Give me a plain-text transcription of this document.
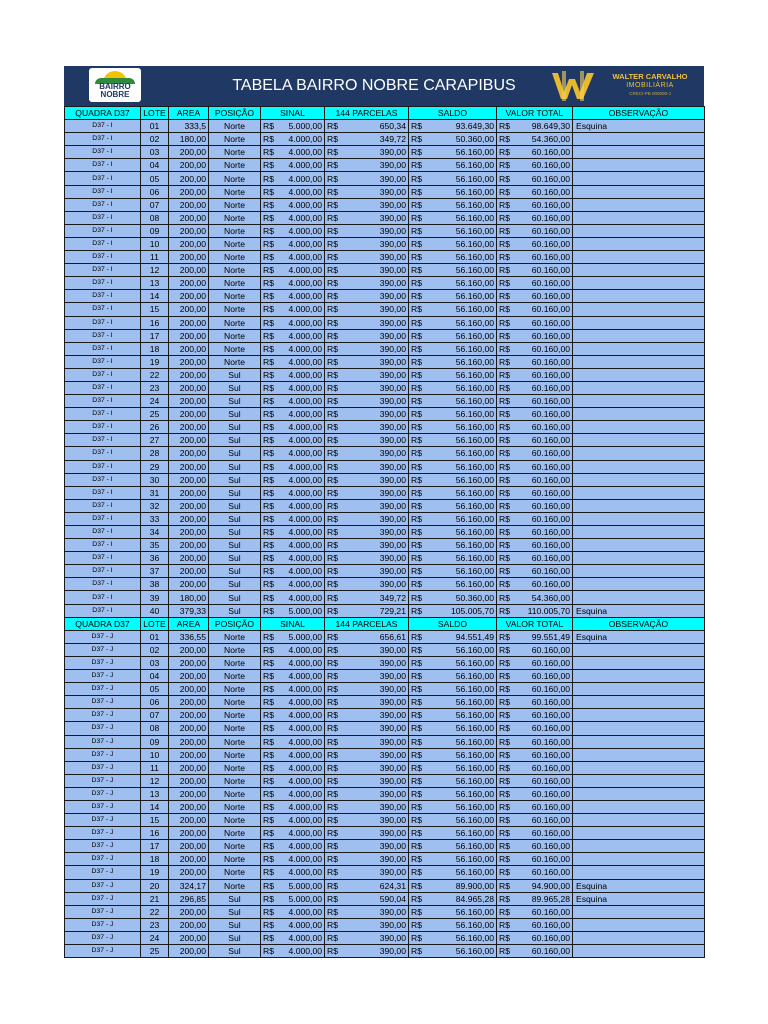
BAIRRO
NOBRE
TABELA BAIRRO NOBRE CARAPIBUS
WALTER CARVALHO
IMOBILIÁRIA
CRECI-PB 000000-J
QUADRA D37	LOTE	AREA	POSIÇÃO	SINAL	144 PARCELAS	SALDO	VALOR TOTAL	OBSERVAÇÃO
D37 - I	01	333,5	Norte	R$ 5.000,00	R$ 650,34	R$ 93.649,30	R$ 98.649,30	Esquina
D37 - I	02	180,00	Norte	R$ 4.000,00	R$ 349,72	R$ 50.360,00	R$ 54.360,00	

D37 - I	03	200,00	Norte	R$ 4.000,00	R$ 390,00	R$ 56.160,00	R$ 60.160,00	

D37 - I	04	200,00	Norte	R$ 4.000,00	R$ 390,00	R$ 56.160,00	R$ 60.160,00	

D37 - I	05	200,00	Norte	R$ 4.000,00	R$ 390,00	R$ 56.160,00	R$ 60.160,00	

D37 - I	06	200,00	Norte	R$ 4.000,00	R$ 390,00	R$ 56.160,00	R$ 60.160,00	

D37 - I	07	200,00	Norte	R$ 4.000,00	R$ 390,00	R$ 56.160,00	R$ 60.160,00	

D37 - I	08	200,00	Norte	R$ 4.000,00	R$ 390,00	R$ 56.160,00	R$ 60.160,00	

D37 - I	09	200,00	Norte	R$ 4.000,00	R$ 390,00	R$ 56.160,00	R$ 60.160,00	

D37 - I	10	200,00	Norte	R$ 4.000,00	R$ 390,00	R$ 56.160,00	R$ 60.160,00	

D37 - I	11	200,00	Norte	R$ 4.000,00	R$ 390,00	R$ 56.160,00	R$ 60.160,00	

D37 - I	12	200,00	Norte	R$ 4.000,00	R$ 390,00	R$ 56.160,00	R$ 60.160,00	

D37 - I	13	200,00	Norte	R$ 4.000,00	R$ 390,00	R$ 56.160,00	R$ 60.160,00	

D37 - I	14	200,00	Norte	R$ 4.000,00	R$ 390,00	R$ 56.160,00	R$ 60.160,00	

D37 - I	15	200,00	Norte	R$ 4.000,00	R$ 390,00	R$ 56.160,00	R$ 60.160,00	

D37 - I	16	200,00	Norte	R$ 4.000,00	R$ 390,00	R$ 56.160,00	R$ 60.160,00	

D37 - I	17	200,00	Norte	R$ 4.000,00	R$ 390,00	R$ 56.160,00	R$ 60.160,00	

D37 - I	18	200,00	Norte	R$ 4.000,00	R$ 390,00	R$ 56.160,00	R$ 60.160,00	

D37 - I	19	200,00	Norte	R$ 4.000,00	R$ 390,00	R$ 56.160,00	R$ 60.160,00	

D37 - I	22	200,00	Sul	R$ 4.000,00	R$ 390,00	R$ 56.160,00	R$ 60.160,00	

D37 - I	23	200,00	Sul	R$ 4.000,00	R$ 390,00	R$ 56.160,00	R$ 60.160,00	

D37 - I	24	200,00	Sul	R$ 4.000,00	R$ 390,00	R$ 56.160,00	R$ 60.160,00	

D37 - I	25	200,00	Sul	R$ 4.000,00	R$ 390,00	R$ 56.160,00	R$ 60.160,00	

D37 - I	26	200,00	Sul	R$ 4.000,00	R$ 390,00	R$ 56.160,00	R$ 60.160,00	

D37 - I	27	200,00	Sul	R$ 4.000,00	R$ 390,00	R$ 56.160,00	R$ 60.160,00	

D37 - I	28	200,00	Sul	R$ 4.000,00	R$ 390,00	R$ 56.160,00	R$ 60.160,00	

D37 - I	29	200,00	Sul	R$ 4.000,00	R$ 390,00	R$ 56.160,00	R$ 60.160,00	

D37 - I	30	200,00	Sul	R$ 4.000,00	R$ 390,00	R$ 56.160,00	R$ 60.160,00	

D37 - I	31	200,00	Sul	R$ 4.000,00	R$ 390,00	R$ 56.160,00	R$ 60.160,00	

D37 - I	32	200,00	Sul	R$ 4.000,00	R$ 390,00	R$ 56.160,00	R$ 60.160,00	

D37 - I	33	200,00	Sul	R$ 4.000,00	R$ 390,00	R$ 56.160,00	R$ 60.160,00	

D37 - I	34	200,00	Sul	R$ 4.000,00	R$ 390,00	R$ 56.160,00	R$ 60.160,00	

D37 - I	35	200,00	Sul	R$ 4.000,00	R$ 390,00	R$ 56.160,00	R$ 60.160,00	

D37 - I	36	200,00	Sul	R$ 4.000,00	R$ 390,00	R$ 56.160,00	R$ 60.160,00	

D37 - I	37	200,00	Sul	R$ 4.000,00	R$ 390,00	R$ 56.160,00	R$ 60.160,00	

D37 - I	38	200,00	Sul	R$ 4.000,00	R$ 390,00	R$ 56.160,00	R$ 60.160,00	

D37 - I	39	180,00	Sul	R$ 4.000,00	R$ 349,72	R$ 50.360,00	R$ 54.360,00	

D37 - I	40	379,33	Sul	R$ 5.000,00	R$ 729,21	R$ 105.005,70	R$ 110.005,70	Esquina
QUADRA D37	LOTE	AREA	POSIÇÃO	SINAL	144 PARCELAS	SALDO	VALOR TOTAL	OBSERVAÇÃO
D37 - J	01	336,55	Norte	R$ 5.000,00	R$ 656,61	R$ 94.551,49	R$ 99.551,49	Esquina
D37 - J	02	200,00	Norte	R$ 4.000,00	R$ 390,00	R$ 56.160,00	R$ 60.160,00	

D37 - J	03	200,00	Norte	R$ 4.000,00	R$ 390,00	R$ 56.160,00	R$ 60.160,00	

D37 - J	04	200,00	Norte	R$ 4.000,00	R$ 390,00	R$ 56.160,00	R$ 60.160,00	

D37 - J	05	200,00	Norte	R$ 4.000,00	R$ 390,00	R$ 56.160,00	R$ 60.160,00	

D37 - J	06	200,00	Norte	R$ 4.000,00	R$ 390,00	R$ 56.160,00	R$ 60.160,00	

D37 - J	07	200,00	Norte	R$ 4.000,00	R$ 390,00	R$ 56.160,00	R$ 60.160,00	

D37 - J	08	200,00	Norte	R$ 4.000,00	R$ 390,00	R$ 56.160,00	R$ 60.160,00	

D37 - J	09	200,00	Norte	R$ 4.000,00	R$ 390,00	R$ 56.160,00	R$ 60.160,00	

D37 - J	10	200,00	Norte	R$ 4.000,00	R$ 390,00	R$ 56.160,00	R$ 60.160,00	

D37 - J	11	200,00	Norte	R$ 4.000,00	R$ 390,00	R$ 56.160,00	R$ 60.160,00	

D37 - J	12	200,00	Norte	R$ 4.000,00	R$ 390,00	R$ 56.160,00	R$ 60.160,00	

D37 - J	13	200,00	Norte	R$ 4.000,00	R$ 390,00	R$ 56.160,00	R$ 60.160,00	

D37 - J	14	200,00	Norte	R$ 4.000,00	R$ 390,00	R$ 56.160,00	R$ 60.160,00	

D37 - J	15	200,00	Norte	R$ 4.000,00	R$ 390,00	R$ 56.160,00	R$ 60.160,00	

D37 - J	16	200,00	Norte	R$ 4.000,00	R$ 390,00	R$ 56.160,00	R$ 60.160,00	

D37 - J	17	200,00	Norte	R$ 4.000,00	R$ 390,00	R$ 56.160,00	R$ 60.160,00	

D37 - J	18	200,00	Norte	R$ 4.000,00	R$ 390,00	R$ 56.160,00	R$ 60.160,00	

D37 - J	19	200,00	Norte	R$ 4.000,00	R$ 390,00	R$ 56.160,00	R$ 60.160,00	

D37 - J	20	324,17	Norte	R$ 5.000,00	R$ 624,31	R$ 89.900,00	R$ 94.900,00	Esquina
D37 - J	21	296,85	Sul	R$ 5.000,00	R$ 590,04	R$ 84.965,28	R$ 89.965,28	Esquina
D37 - J	22	200,00	Sul	R$ 4.000,00	R$ 390,00	R$ 56.160,00	R$ 60.160,00	

D37 - J	23	200,00	Sul	R$ 4.000,00	R$ 390,00	R$ 56.160,00	R$ 60.160,00	

D37 - J	24	200,00	Sul	R$ 4.000,00	R$ 390,00	R$ 56.160,00	R$ 60.160,00	

D37 - J	25	200,00	Sul	R$ 4.000,00	R$ 390,00	R$ 56.160,00	R$ 60.160,00	
